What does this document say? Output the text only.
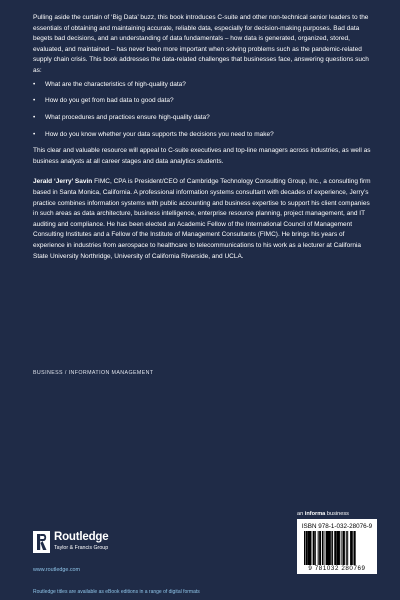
Pulling aside the curtain of ‘Big Data’ buzz, this book introduces C-suite and other non-technical senior leaders to the essentials of obtaining and maintaining accurate, reliable data, especially for decision-making purposes. Bad data begets bad decisions, and an understanding of data fundamentals – how data is generated, organized, stored, evaluated, and maintained – has never been more important when solving problems such as the pandemic-related supply chain crisis. This book addresses the data-related challenges that businesses face, answering questions such as:

• What are the characteristics of high-quality data?
• How do you get from bad data to good data?
• What procedures and practices ensure high-quality data?
• How do you know whether your data supports the decisions you need to make?

This clear and valuable resource will appeal to C-suite executives and top-line managers across industries, as well as business analysts at all career stages and data analytics students.

Jerald ‘Jerry’ Savin FIMC, CPA is President/CEO of Cambridge Technology Consulting Group, Inc., a consulting firm based in Santa Monica, California. A professional information systems consultant with decades of experience, Jerry’s practice combines information systems with public accounting and business expertise to support his client companies in such areas as data architecture, business intelligence, enterprise resource planning, project management, and IT auditing and compliance. He has been elected an Academic Fellow of the International Council of Management Consulting Institutes and a Fellow of the Institute of Management Consultants (FIMC). He brings his years of experience in industries from aerospace to healthcare to telecommunications to his work as a lecturer at California State University Northridge, University of California Riverside, and UCLA.

BUSINESS / INFORMATION MANAGEMENT
an informa business
Routledge
Taylor & Francis Group
www.routledge.com
Routledge titles are available as eBook editions in a range of digital formats
ISBN 978-1-032-28076-9
9 781032 280769
